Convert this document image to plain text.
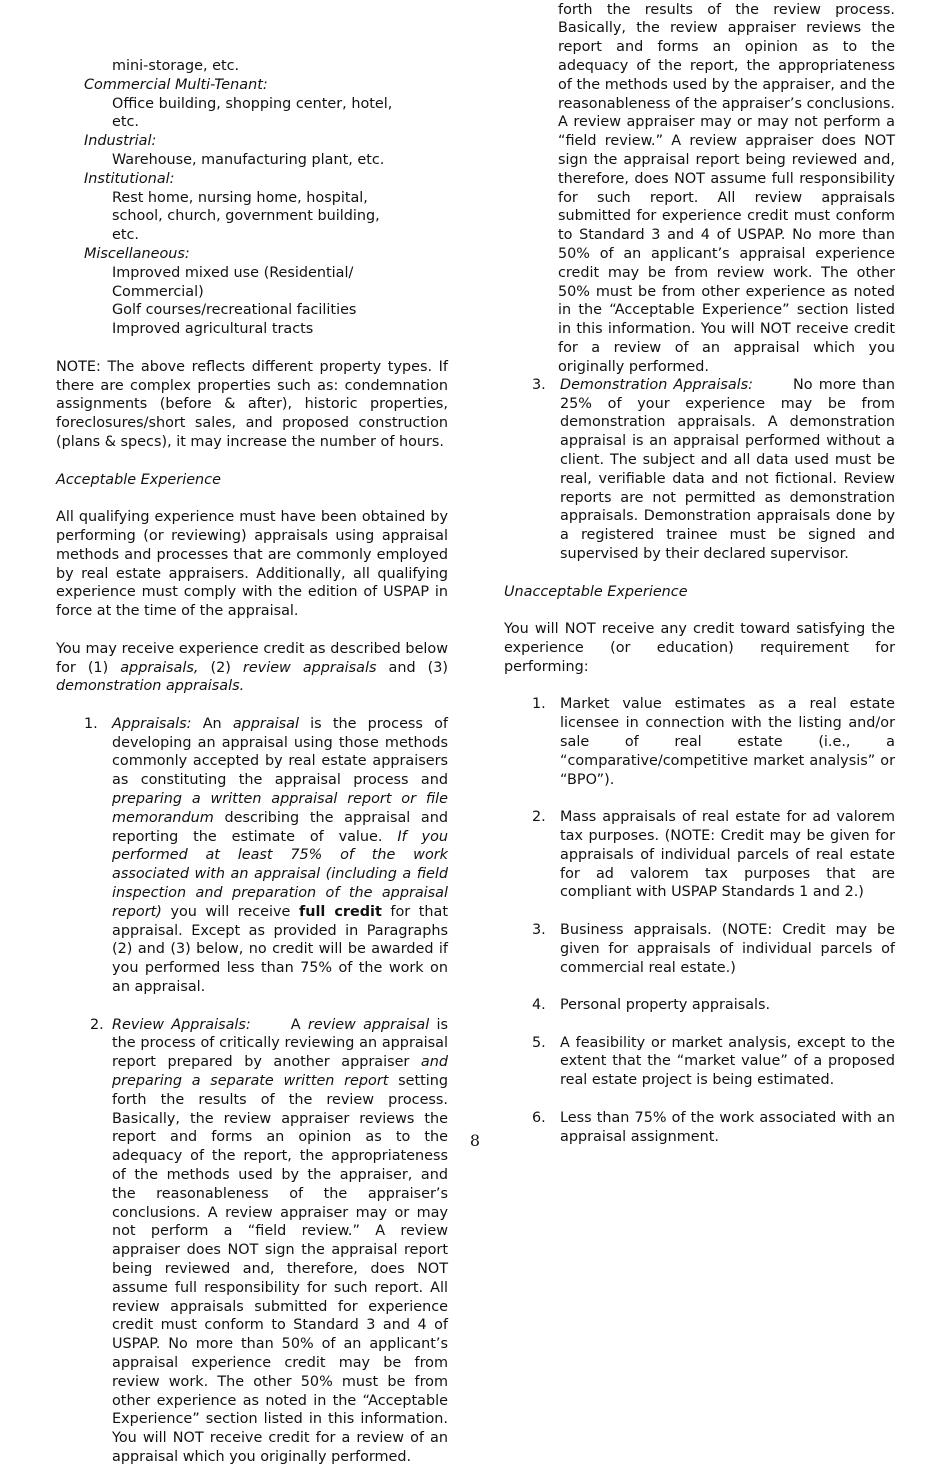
mini-storage, etc.

Commercial Multi-Tenant:

Office building, shopping center, hotel,

etc.

Industrial:

Warehouse, manufacturing plant, etc.

Institutional:

Rest home, nursing home, hospital,

school, church, government building,

etc.

Miscellaneous:

Improved mixed use (Residential/

Commercial)

Golf courses/recreational facilities

Improved agricultural tracts

NOTE: The above reflects different property types. If there are complex properties such as: condemnation assignments (before & after), historic properties, foreclosures/short sales, and proposed construction (plans & specs), it may increase the number of hours.

Acceptable Experience

All qualifying experience must have been obtained by performing (or reviewing) appraisals using appraisal methods and processes that are commonly employed by real estate appraisers. Additionally, all qualifying experience must comply with the edition of USPAP in force at the time of the appraisal.

You may receive experience credit as described below for (1) appraisals, (2) review appraisals and (3) demonstration appraisals.

1. Appraisals: An appraisal is the process of developing an appraisal using those methods commonly accepted by real estate appraisers as constituting the appraisal process and preparing a written appraisal report or file memorandum describing the appraisal and reporting the estimate of value. If you performed at least 75% of the work associated with an appraisal (including a field inspection and preparation of the appraisal report) you will receive full credit for that appraisal. Except as provided in Paragraphs (2) and (3) below, no credit will be awarded if you performed less than 75% of the work on an appraisal.
2. Review Appraisals:	A review appraisal is the process of critically reviewing an appraisal report prepared by another appraiser and preparing a separate written report setting forth the results of the review process. Basically, the review appraiser reviews the report and forms an opinion as to the adequacy of the report, the appropriateness of the methods used by the appraiser, and the reasonableness of the appraiser’s conclusions. A review appraiser may or may not perform a “field review.” A review appraiser does NOT sign the appraisal report being reviewed and, therefore, does NOT assume full responsibility for such report. All review appraisals submitted for experience credit must conform to Standard 3 and 4 of USPAP. No more than 50% of an applicant’s appraisal experience credit may be from review work. The other 50% must be from other experience as noted in the “Acceptable Experience” section listed in this information. You will NOT receive credit for a review of an appraisal which you originally performed.

forth the results of the review process. Basically, the review appraiser reviews the report and forms an opinion as to the adequacy of the report, the appropriateness of the methods used by the appraiser, and the reasonableness of the appraiser’s conclusions. A review appraiser may or may not perform a “field review.” A review appraiser does NOT sign the appraisal report being reviewed and, therefore, does NOT assume full responsibility for such report. All review appraisals submitted for experience credit must conform to Standard 3 and 4 of USPAP. No more than 50% of an applicant’s appraisal experience credit may be from review work. The other 50% must be from other experience as noted in the “Acceptable Experience” section listed in this information. You will NOT receive credit for a review of an appraisal which you originally performed.

3. Demonstration Appraisals:	No more than 25% of your experience may be from demonstration appraisals. A demonstration appraisal is an appraisal performed without a client. The subject and all data used must be real, verifiable data and not fictional. Review reports are not permitted as demonstration appraisals. Demonstration appraisals done by a registered trainee must be signed and supervised by their declared supervisor.

Unacceptable Experience

You will NOT receive any credit toward satisfying the experience (or education) requirement for performing:

1. Market value estimates as a real estate licensee in connection with the listing and/or sale of real estate (i.e., a “comparative/competitive market analysis” or “BPO”).
2. Mass appraisals of real estate for ad valorem tax purposes. (NOTE: Credit may be given for appraisals of individual parcels of real estate for ad valorem tax purposes that are compliant with USPAP Standards 1 and 2.)
3. Business appraisals. (NOTE: Credit may be given for appraisals of individual parcels of commercial real estate.)
4. Personal property appraisals.
5. A feasibility or market analysis, except to the extent that the “market value” of a proposed real estate project is being estimated.
6. Less than 75% of the work associated with an appraisal assignment.
8
